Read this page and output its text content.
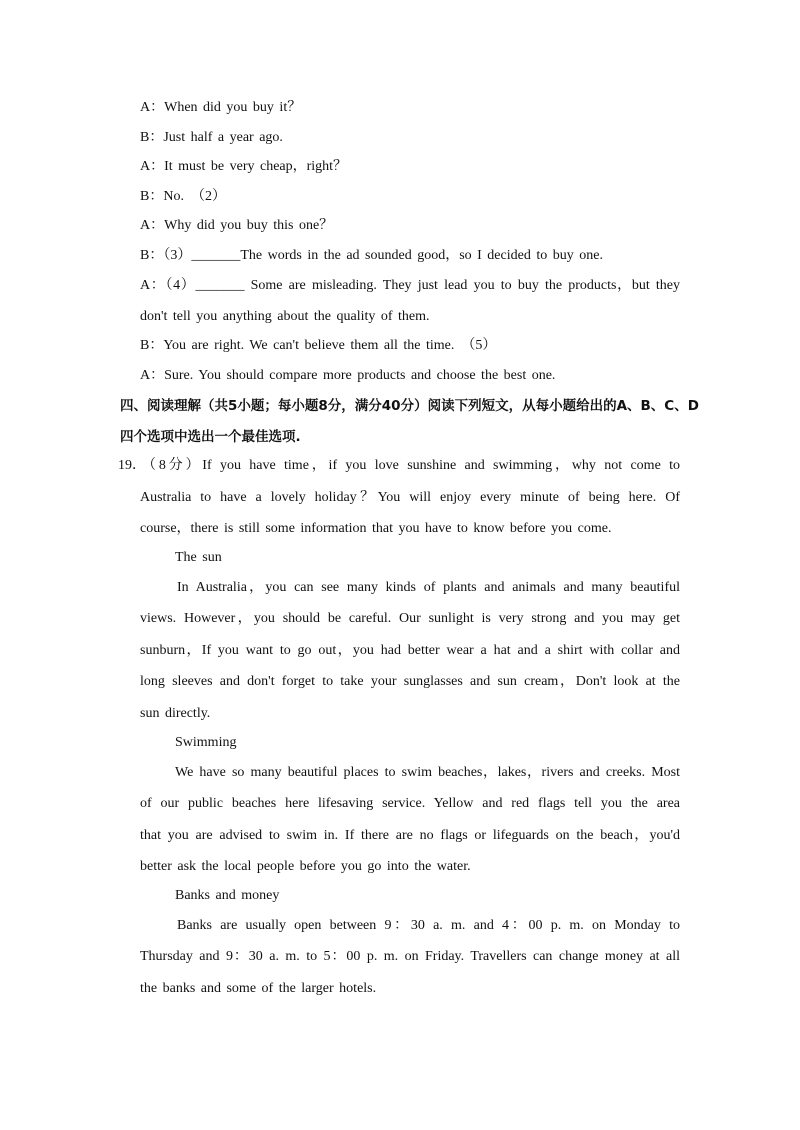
A：When did you buy it？
B：Just half a year ago.
A：It must be very cheap，right？
B：No.　（2）
A：Why did you buy this one？
B：（3）_______The words in the ad sounded good，so I decided to buy one.
A：（4）_______ Some are misleading. They just lead you to buy the products，but they
don't tell you anything about the quality of them.
B：You are right. We can't believe them all the time.　（5）
A：Sure. You should compare more products and choose the best one.
四、阅读理解（共5小题；每小题8分，满分40分）阅读下列短文，从每小题给出的A、B、C、D
四个选项中选出一个最佳选项.
19．
（8分）If you have time，if you love sunshine and swimming，why not come to
Australia to have a lovely holiday？You will enjoy every minute of being here. Of
course，there is still some information that you have to know before you come.
The sun
In Australia，you can see many kinds of plants and animals and many beautiful
views. However，you should be careful. Our sunlight is very strong and you may get
sunburn，If you want to go out，you had better wear a hat and a shirt with collar and
long sleeves and don't forget to take your sunglasses and sun cream，Don't look at the
sun directly.
Swimming
We have so many beautiful places to swim beaches，lakes，rivers and creeks. Most
of our public beaches here lifesaving service. Yellow and red flags tell you the area
that you are advised to swim in. If there are no flags or lifeguards on the beach，you'd
better ask the local people before you go into the water.
Banks and money
Banks are usually open between 9：30 a. m. and 4：00 p. m. on Monday to
Thursday and 9：30 a. m. to 5：00 p. m. on Friday. Travellers can change money at all
the banks and some of the larger hotels.
